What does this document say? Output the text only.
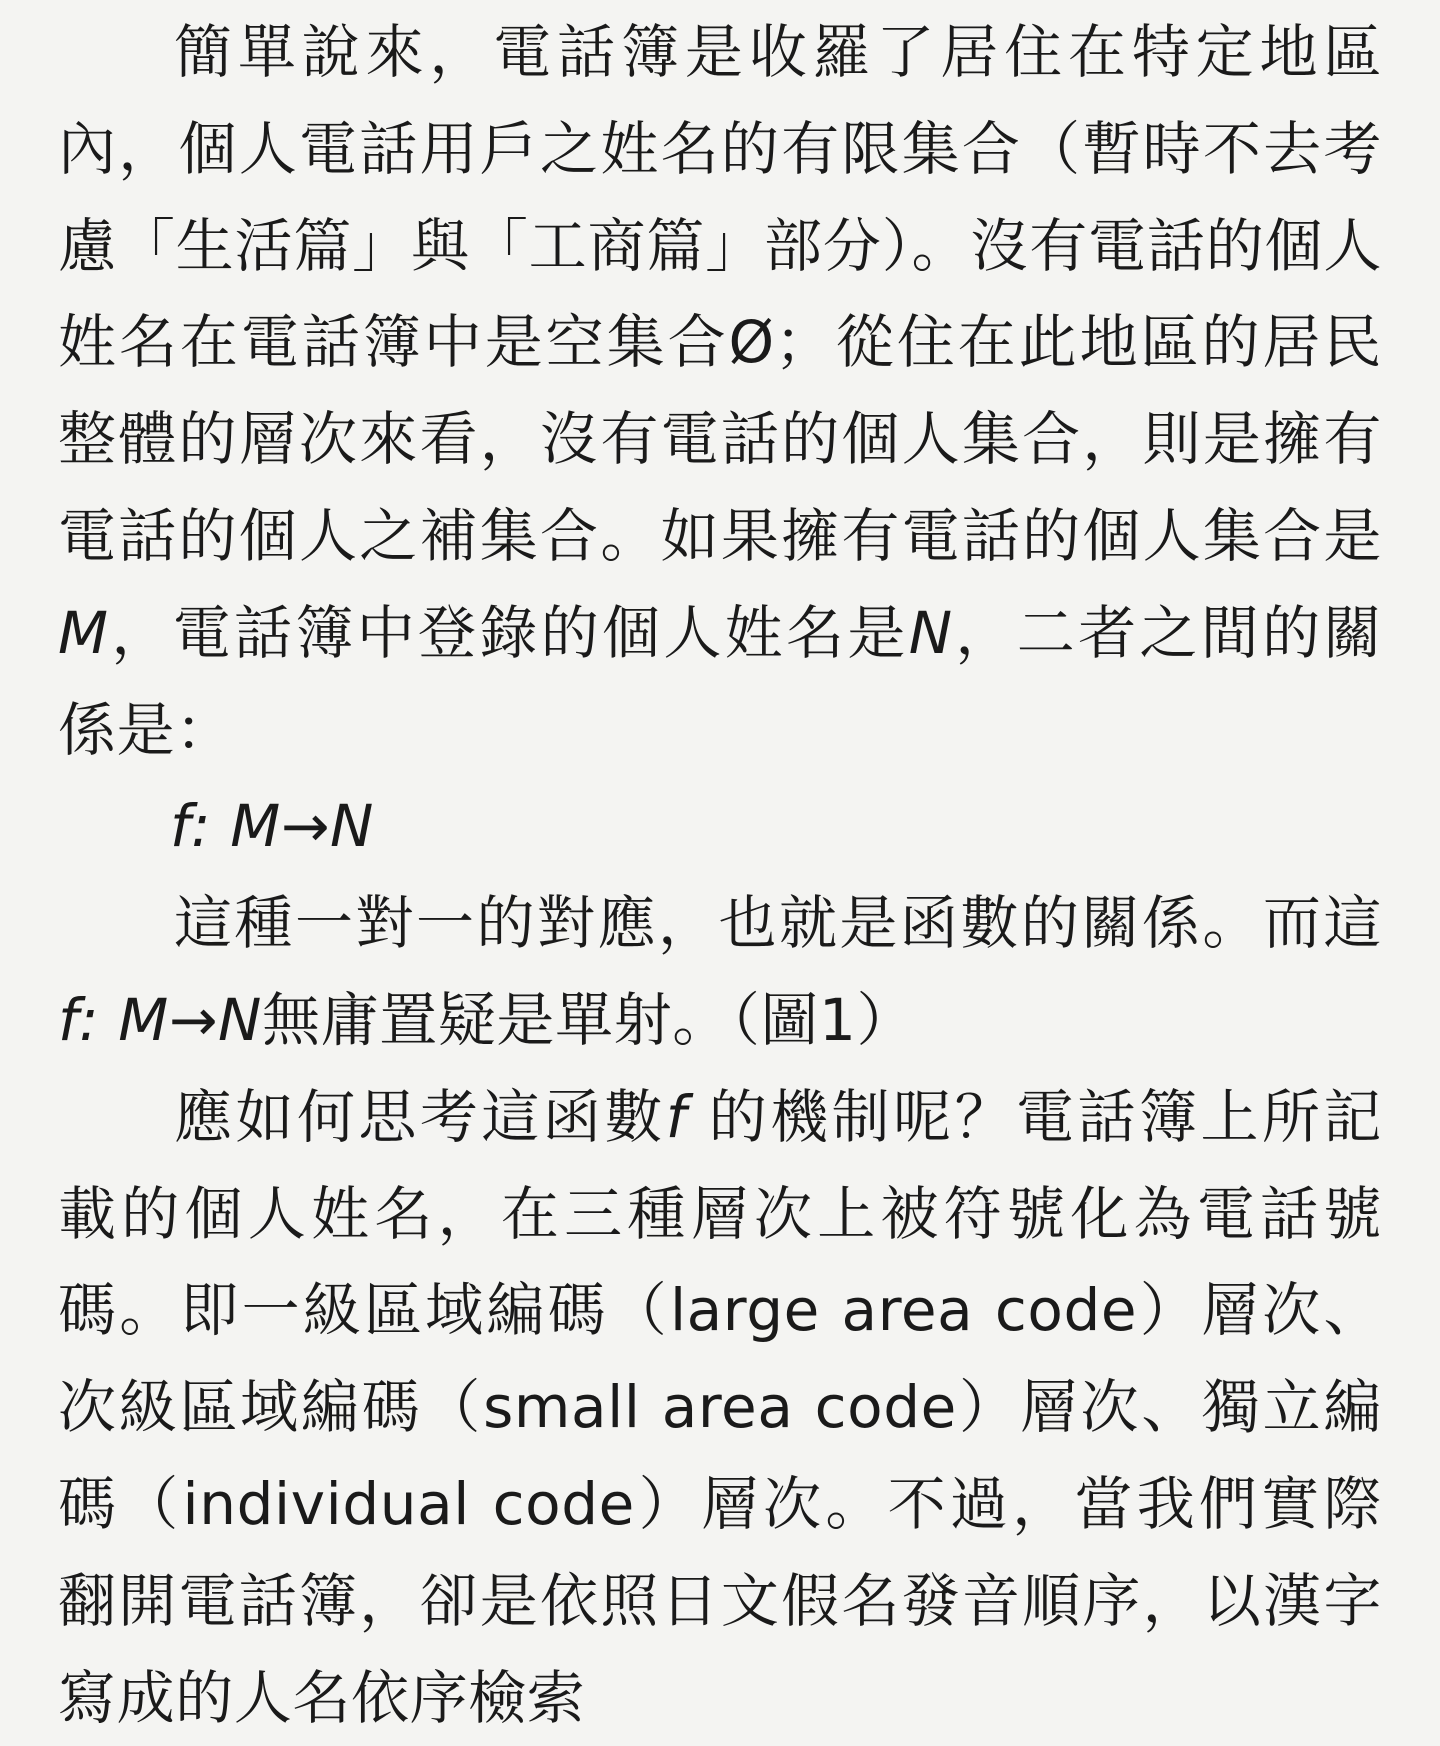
簡單說來，電話簿是收羅了居住在特定地區內，個人電話用戶之姓名的有限集合（暫時不去考慮「生活篇」與「工商篇」部分）。沒有電話的個人姓名在電話簿中是空集合Ø；從住在此地區的居民整體的層次來看，沒有電話的個人集合，則是擁有電話的個人之補集合。如果擁有電話的個人集合是M，電話簿中登錄的個人姓名是N，二者之間的關係是：

f: M→N

這種一對一的對應，也就是函數的關係。而這 f: M→N無庸置疑是單射。（圖1）

應如何思考這函數f 的機制呢？電話簿上所記載的個人姓名，在三種層次上被符號化為電話號碼。即一級區域編碼（large area code）層次、次級區域編碼（small area code）層次、獨立編碼（individual code）層次。不過，當我們實際翻開電話簿，卻是依照日文假名發音順序，以漢字寫成的人名依序檢索
